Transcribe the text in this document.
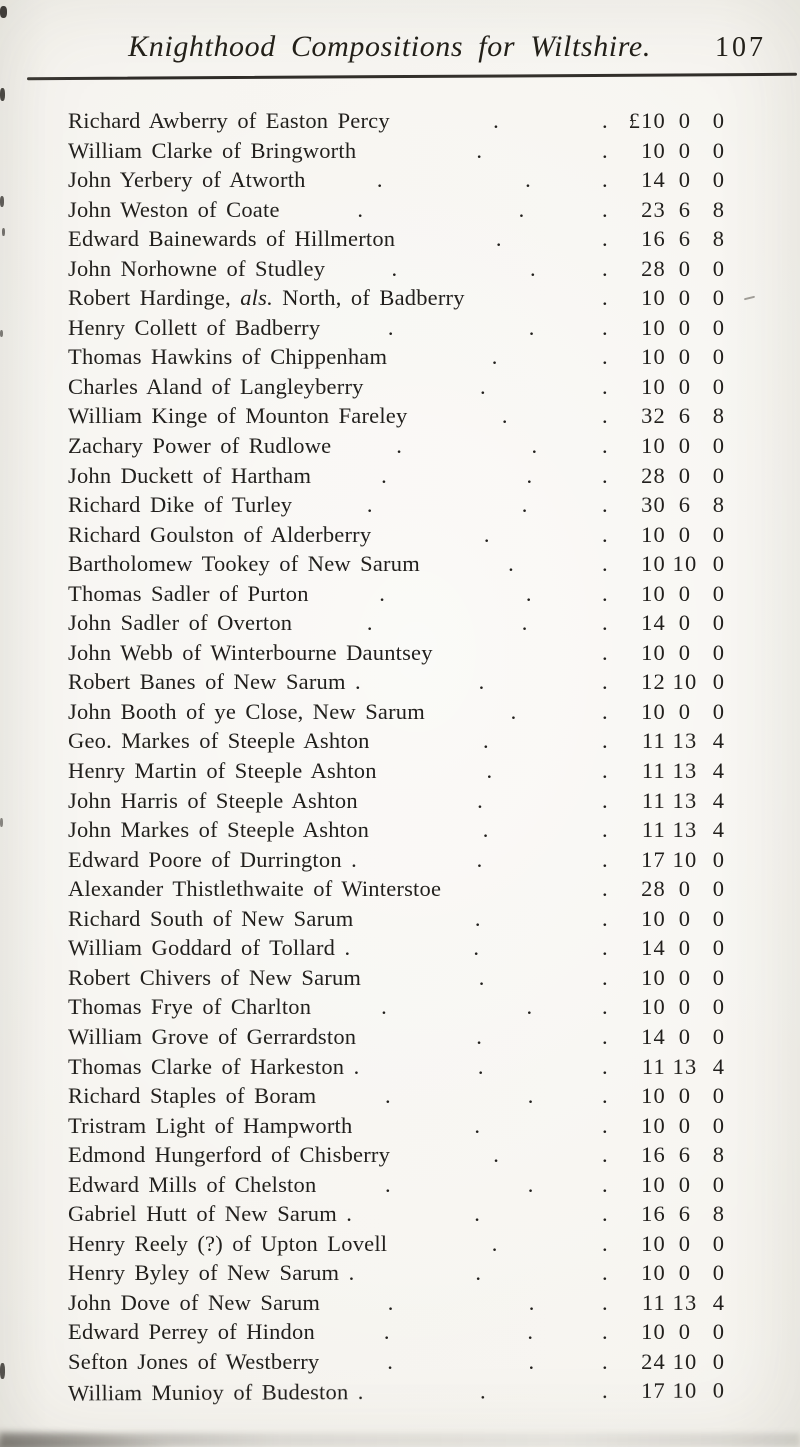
Knighthood Compositions for Wiltshire. 107
Richard Awberry of Easton Percy	.	. £10 0 0
William Clarke of Bringworth	.	.	10 0 0
John Yerbery of Atworth	.	.	.	14 0 0
John Weston of Coate	.	.	.	23 6 8
Edward Bainewards of Hillmerton	.	.	16 6 8
John Norhowne of Studley	.	.	.	28 0 0
Robert Hardinge, als. North, of Badberry	.	10 0 0
Henry Collett of Badberry	.	.	.	10 0 0
Thomas Hawkins of Chippenham	.	.	10 0 0
Charles Aland of Langleyberry	.	.	10 0 0
William Kinge of Mounton Fareley	.	.	32 6 8
Zachary Power of Rudlowe	.	.	.	10 0 0
John Duckett of Hartham	.	.	.	28 0 0
Richard Dike of Turley	.	.	.	30 6 8
Richard Goulston of Alderberry	.	.	10 0 0
Bartholomew Tookey of New Sarum	.	.	10 10 0
Thomas Sadler of Purton	.	.	.	10 0 0
John Sadler of Overton	.	.	.	14 0 0
John Webb of Winterbourne Dauntsey	.	10 0 0
Robert Banes of New Sarum .	.	.	12 10 0
John Booth of ye Close, New Sarum	.	.	10 0 0
Geo. Markes of Steeple Ashton	.	.	11 13 4
Henry Martin of Steeple Ashton	.	.	11 13 4
John Harris of Steeple Ashton	.	.	11 13 4
John Markes of Steeple Ashton	.	.	11 13 4
Edward Poore of Durrington .	.	.	17 10 0
Alexander Thistlethwaite of Winterstoe	.	28 0 0
Richard South of New Sarum	.	.	10 0 0
William Goddard of Tollard .	.	.	14 0 0
Robert Chivers of New Sarum	.	.	10 0 0
Thomas Frye of Charlton	.	.	.	10 0 0
William Grove of Gerrardston	.	.	14 0 0
Thomas Clarke of Harkeston .	.	.	11 13 4
Richard Staples of Boram	.	.	.	10 0 0
Tristram Light of Hampworth	.	.	10 0 0
Edmond Hungerford of Chisberry	.	.	16 6 8
Edward Mills of Chelston	.	.	.	10 0 0
Gabriel Hutt of New Sarum .	.	.	16 6 8
Henry Reely (?) of Upton Lovell	.	.	10 0 0
Henry Byley of New Sarum .	.	.	10 0 0
John Dove of New Sarum	.	.	.	11 13 4
Edward Perrey of Hindon	.	.	.	10 0 0
Sefton Jones of Westberry	.	.	.	24 10 0
William Munioy of Budeston .	.	.	17 10 0
